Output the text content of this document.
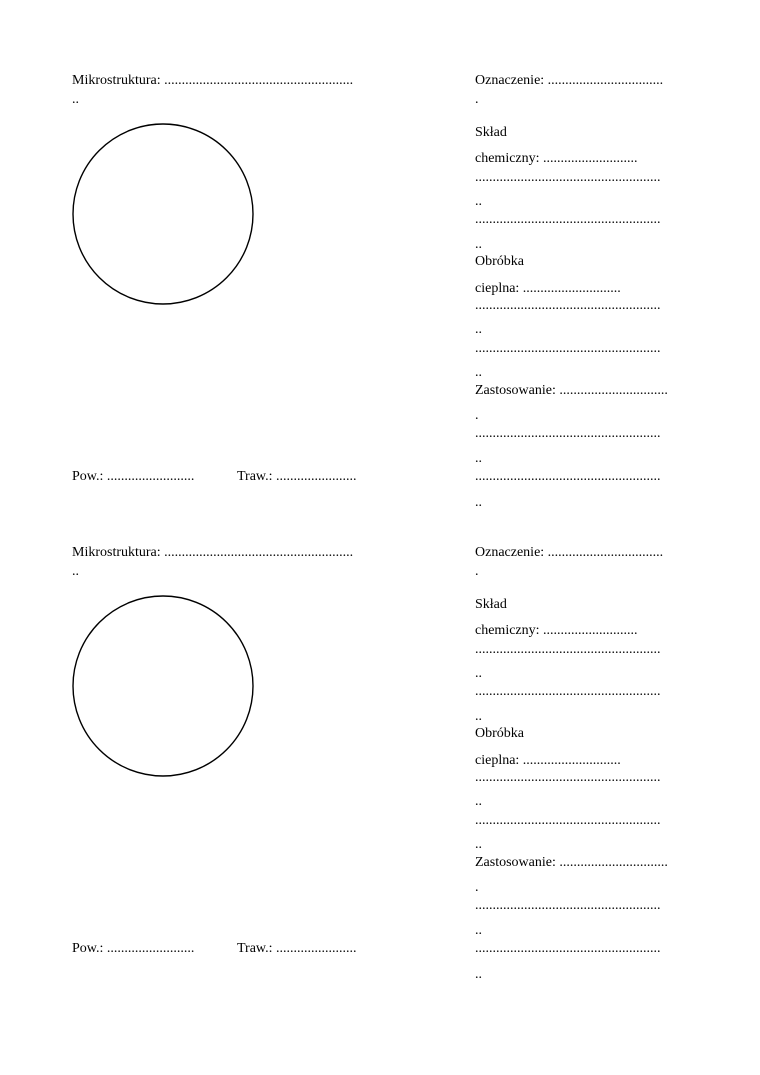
Mikrostruktura: ......................................................
..
Pow.: .........................	Traw.: .......................
Oznaczenie: .................................
.
Skład
chemiczny: ...........................
.....................................................
..
.....................................................
..
Obróbka
cieplna: ............................
.....................................................
..
.....................................................
..
Zastosowanie: ...............................
.
.....................................................
..
.....................................................
..
Mikrostruktura: ......................................................
..
Pow.: .........................	Traw.: .......................
Oznaczenie: .................................
.
Skład
chemiczny: ...........................
.....................................................
..
.....................................................
..
Obróbka
cieplna: ............................
.....................................................
..
.....................................................
..
Zastosowanie: ...............................
.
.....................................................
..
.....................................................
..
